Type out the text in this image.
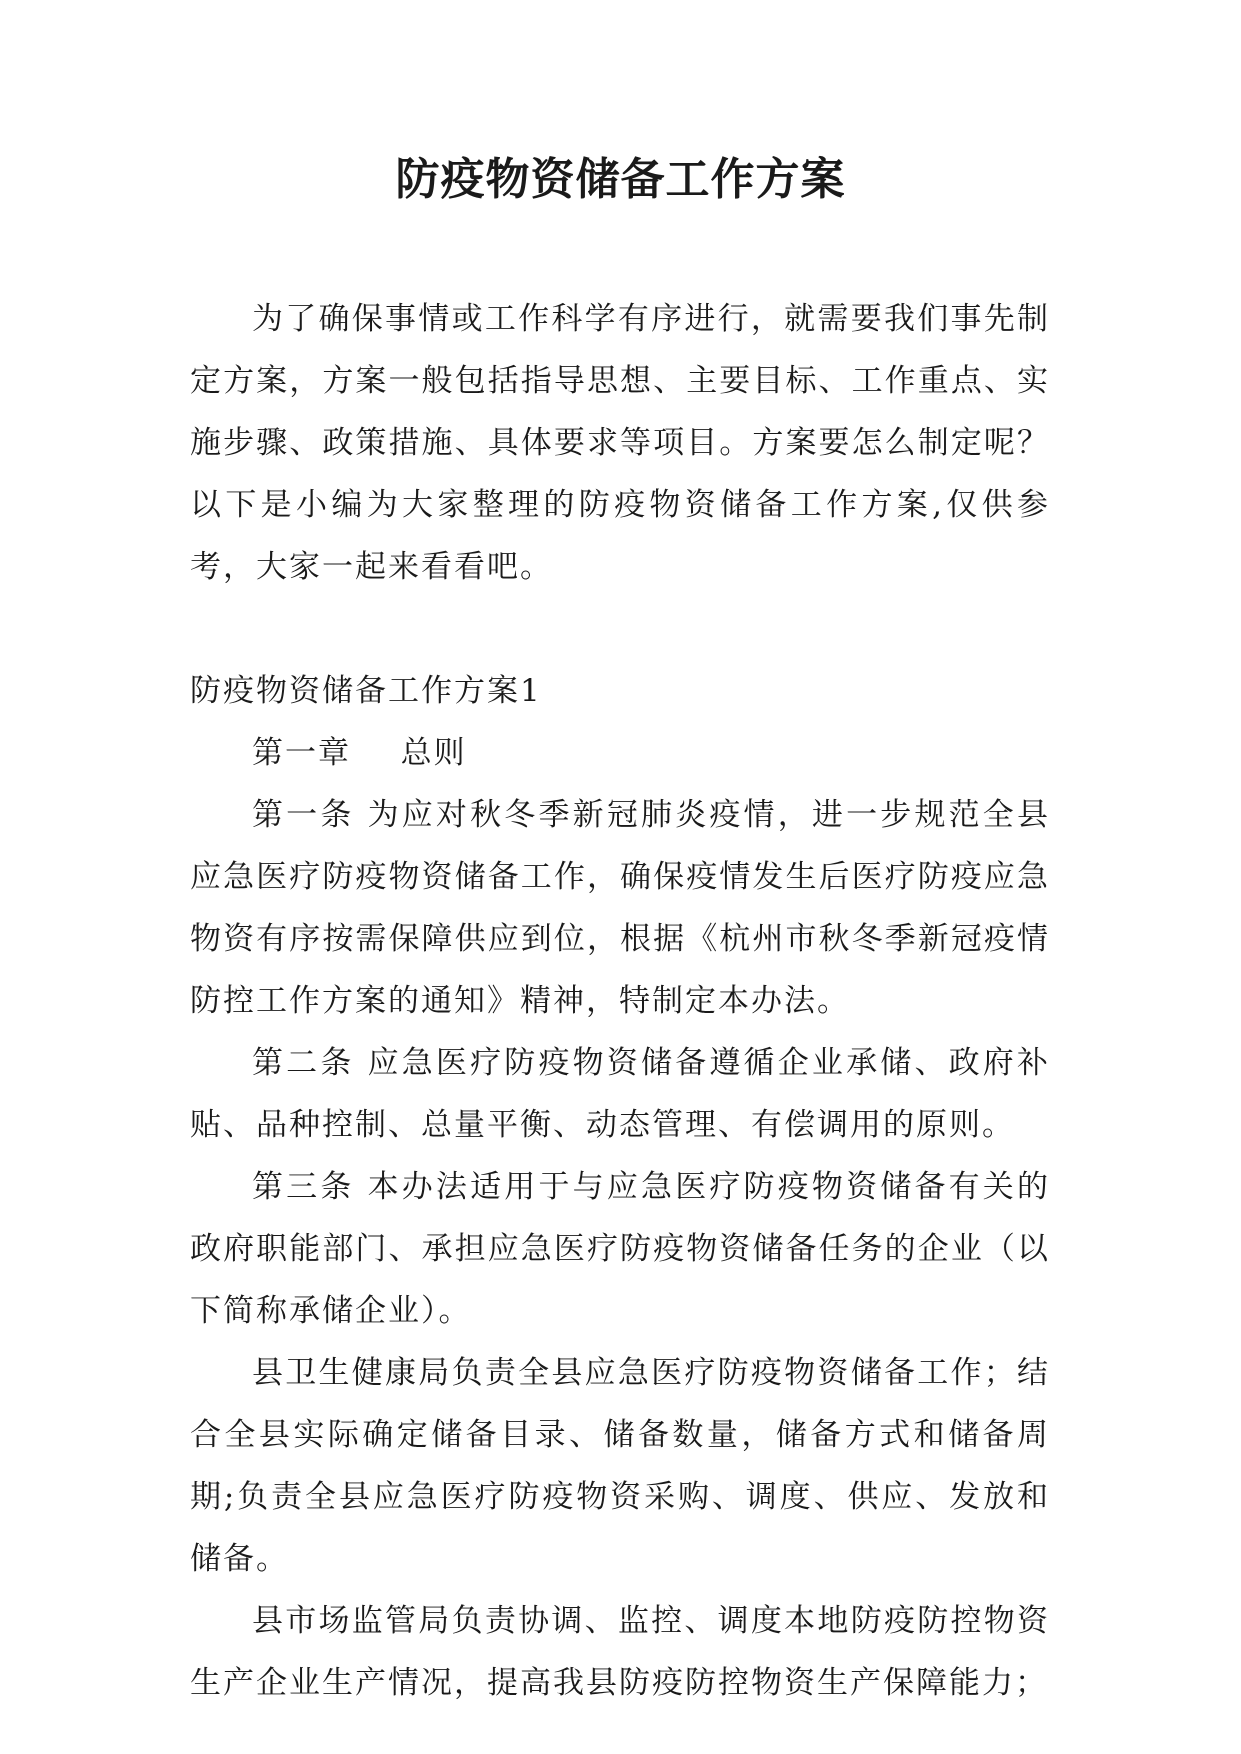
防疫物资储备工作方案

为了确保事情或工作科学有序进行，就需要我们事先制定方案，方案一般包括指导思想、主要目标、工作重点、实施步骤、政策措施、具体要求等项目。方案要怎么制定呢？以下是小编为大家整理的防疫物资储备工作方案,仅供参考，大家一起来看看吧。

防疫物资储备工作方案1

第一章 总则

第一条 为应对秋冬季新冠肺炎疫情，进一步规范全县应急医疗防疫物资储备工作，确保疫情发生后医疗防疫应急物资有序按需保障供应到位，根据《杭州市秋冬季新冠疫情防控工作方案的通知》精神，特制定本办法。

第二条 应急医疗防疫物资储备遵循企业承储、政府补贴、品种控制、总量平衡、动态管理、有偿调用的原则。

第三条 本办法适用于与应急医疗防疫物资储备有关的政府职能部门、承担应急医疗防疫物资储备任务的企业（以下简称承储企业）。

县卫生健康局负责全县应急医疗防疫物资储备工作；结合全县实际确定储备目录、储备数量，储备方式和储备周期;负责全县应急医疗防疫物资采购、调度、供应、发放和储备。

县市场监管局负责协调、监控、调度本地防疫防控物资生产企业生产情况，提高我县防疫防控物资生产保障能力；
